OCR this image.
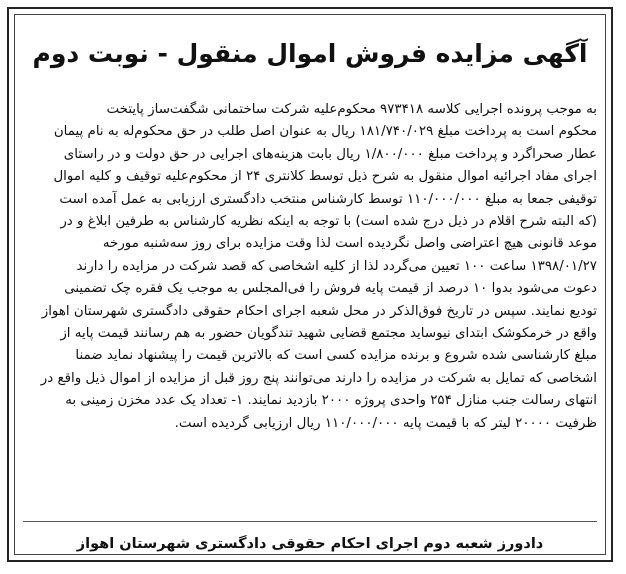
آگهی مزایده فروش اموال منقول - نوبت دوم
به موجب پرونده اجرایی کلاسه ۹۷۳۴۱۸ محکوم‌علیه شرکت ساختمانی شگفت‌ساز پایتخت
محکوم است به پرداخت مبلغ ۱۸۱/۷۴۰/۰۲۹ ریال به عنوان اصل طلب در حق محکوم‌له به نام پیمان
عطار صحراگرد و پرداخت مبلغ ۱/۸۰۰/۰۰۰ ریال بابت هزینه‌های اجرایی در حق دولت و در راستای
اجرای مفاد اجرائیه اموال منقول به شرح ذیل توسط کلانتری ۲۴ از محکوم‌علیه توقیف و کلیه اموال
توقیفی جمعا به مبلغ ۱۱۰/۰۰۰/۰۰۰ توسط کارشناس منتخب دادگستری ارزیابی به عمل آمده است
(که البته شرح اقلام در ذیل درج شده است) با توجه به اینکه نظریه کارشناس به طرفین ابلاغ و در
موعد قانونی هیچ اعتراضی واصل نگردیده است لذا وقت مزایده برای روز سه‌شنبه مورخه
۱۳۹۸/۰۱/۲۷ ساعت ۱۰۰ تعیین می‌گردد لذا از کلیه اشخاصی که قصد شرکت در مزایده را دارند
دعوت می‌شود بدوا ۱۰ درصد از قیمت پایه فروش را فی‌المجلس به موجب یک فقره چک تضمینی
تودیع نمایند. سپس در تاریخ فوق‌الذکر در محل شعبه اجرای احکام حقوقی دادگستری شهرستان اهواز
واقع در خرمکوشک ابتدای نیوساید مجتمع قضایی شهید تندگویان حضور به هم رسانند قیمت پایه از
مبلغ کارشناسی شده شروع و برنده مزایده کسی است که بالاترین قیمت را پیشنهاد نماید ضمنا
اشخاصی که تمایل به شرکت در مزایده را دارند می‌توانند پنج روز قبل از مزایده از اموال ذیل واقع در
انتهای رسالت جنب منازل ۲۵۴ واحدی پروژه ۲۰۰۰ بازدید نمایند. ۱- تعداد یک عدد مخزن زمینی به
ظرفیت ۲۰۰۰۰ لیتر که با قیمت پایه ۱۱۰/۰۰۰/۰۰۰ ریال ارزیابی گردیده است.
دادورز شعبه دوم اجرای احکام حقوقی دادگستری شهرستان اهواز
